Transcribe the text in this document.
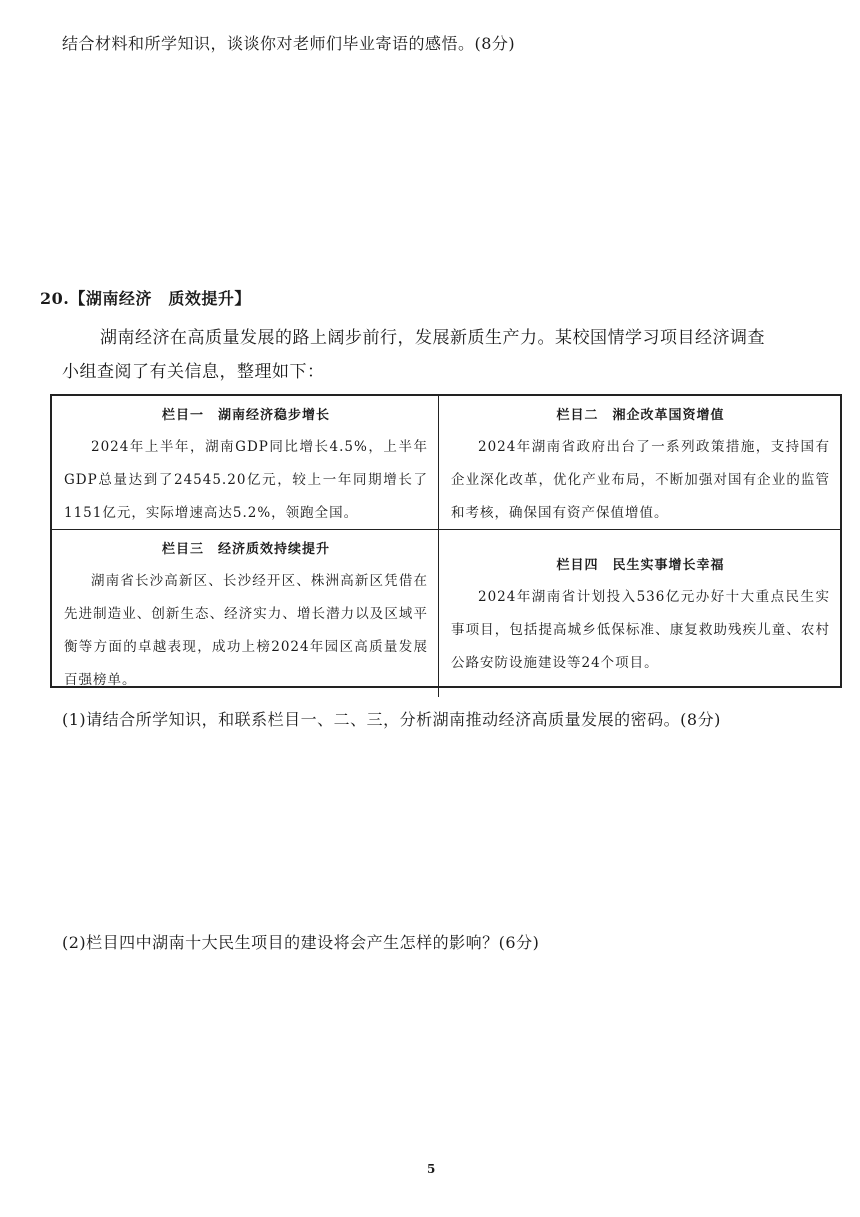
结合材料和所学知识，谈谈你对老师们毕业寄语的感悟。(8分)
20.【湖南经济　质效提升】
湖南经济在高质量发展的路上阔步前行，发展新质生产力。某校国情学习项目经济调查
小组查阅了有关信息，整理如下：
栏目一　湖南经济稳步增长

2024年上半年，湖南GDP同比增长4.5%，上半年GDP总量达到了24545.20亿元，较上一年同期增长了1151亿元，实际增速高达5.2%，领跑全国。

栏目二　湘企改革国资增值

2024年湖南省政府出台了一系列政策措施，支持国有企业深化改革，优化产业布局，不断加强对国有企业的监管和考核，确保国有资产保值增值。

栏目三　经济质效持续提升

湖南省长沙高新区、长沙经开区、株洲高新区凭借在先进制造业、创新生态、经济实力、增长潜力以及区域平衡等方面的卓越表现，成功上榜2024年园区高质量发展百强榜单。

栏目四　民生实事增长幸福

2024年湖南省计划投入536亿元办好十大重点民生实事项目，包括提高城乡低保标准、康复救助残疾儿童、农村公路安防设施建设等24个项目。

(1)请结合所学知识，和联系栏目一、二、三，分析湖南推动经济高质量发展的密码。(8分)
(2)栏目四中湖南十大民生项目的建设将会产生怎样的影响？(6分)
5
